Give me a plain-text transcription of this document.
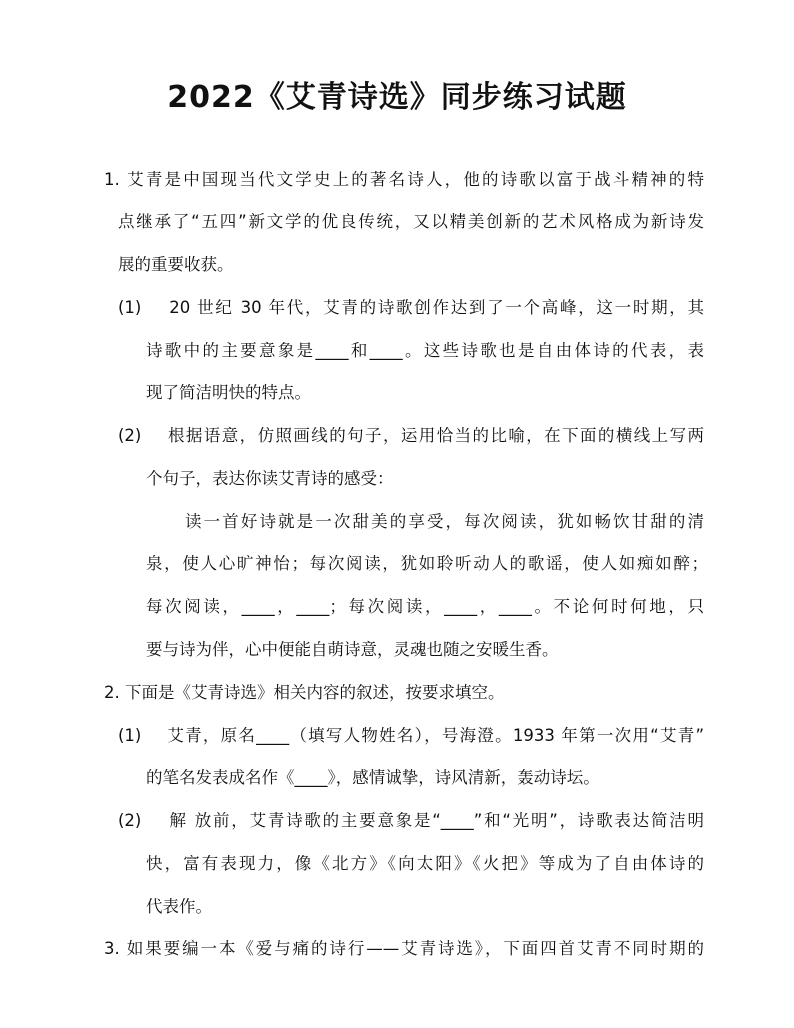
2022《艾青诗选》同步练习试题

1. 艾青是中国现当代文学史上的著名诗人，他的诗歌以富于战斗精神的特

点继承了“五四”新文学的优良传统，又以精美创新的艺术风格成为新诗发

展的重要收获。

(1)    20 世纪 30 年代，艾青的诗歌创作达到了一个高峰，这一时期，其

诗歌中的主要意象是____和____。这些诗歌也是自由体诗的代表，表

现了简洁明快的特点。

(2)    根据语意，仿照画线的句子，运用恰当的比喻，在下面的横线上写两

个句子，表达你读艾青诗的感受：

读一首好诗就是一次甜美的享受，每次阅读，犹如畅饮甘甜的清

泉，使人心旷神怡；每次阅读，犹如聆听动人的歌谣，使人如痴如醉；

每次阅读，____，____；每次阅读，____，____。不论何时何地，只

要与诗为伴，心中便能自萌诗意，灵魂也随之安暖生香。

2. 下面是《艾青诗选》相关内容的叙述，按要求填空。

(1)    艾青，原名____（填写人物姓名），号海澄。1933 年第一次用“艾青”

的笔名发表成名作《____》，感情诚挚，诗风清新，轰动诗坛。

(2)    解 放前，艾青诗歌的主要意象是“____”和“光明”，诗歌表达简洁明

快，富有表现力，像《北方》《向太阳》《火把》等成为了自由体诗的

代表作。

3. 如果要编一本《爱与痛的诗行——艾青诗选》，下面四首艾青不同时期的
